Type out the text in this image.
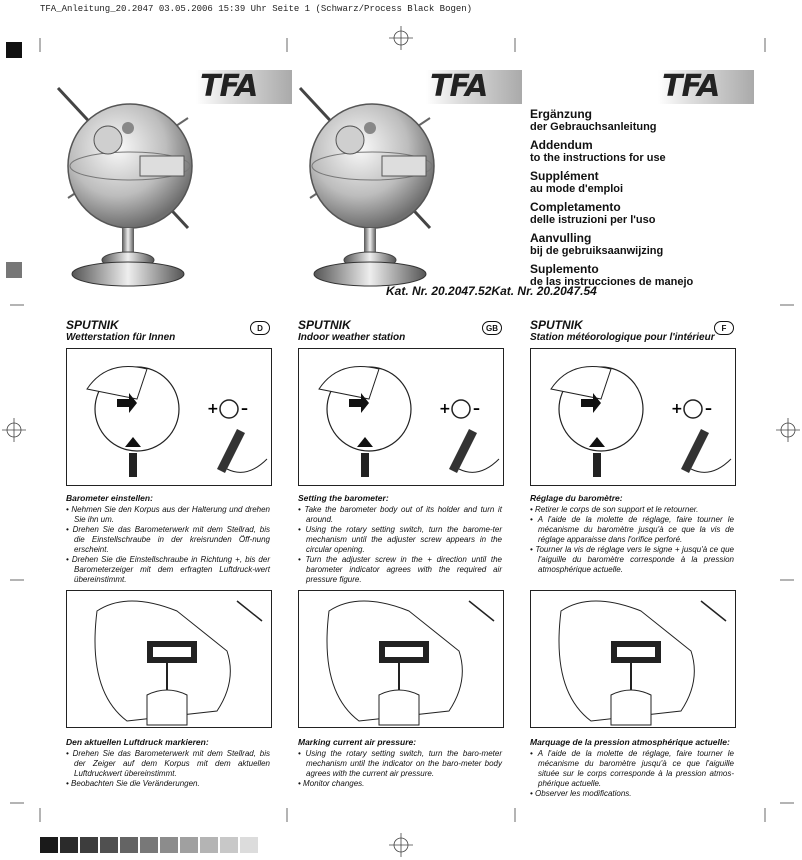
TFA_Anleitung_20.2047 03.05.2006 15:39 Uhr Seite 1 (Schwarz/Process Black Bogen)
TFA	TFA	TFA
Ergänzung
der Gebrauchsanleitung
Addendum
to the instructions for use
Supplément
au mode d'emploi
Completamento
delle istruzioni per l'uso
Aanvulling
bij de gebruiksaanwijzing
Suplemento
de las instrucciones de manejo
Kat. Nr. 20.2047.52Kat. Nr. 20.2047.54
SPUTNIK
Wetterstation für Innen
D	SPUTNIK
Indoor weather station
GB	SPUTNIK
Station météorologique pour l'intérieur
F
+ –	+ –	+ –
Barometer einstellen:
• Nehmen Sie den Korpus aus der Halterung und drehen Sie ihn um.
• Drehen Sie das Barometerwerk mit dem Stellrad, bis die Einstellschraube in der kreisrunden Öff-nung erscheint.
• Drehen Sie die Einstellschraube in Richtung +, bis der Barometerzeiger mit dem erfragten Luftdruck-wert übereinstimmt.
Setting the barometer:
• Take the barometer body out of its holder and turn it around.
• Using the rotary setting switch, turn the barome-ter mechanism until the adjuster screw appears in the circular opening.
• Turn the adjuster screw in the + direction until the barometer indicator agrees with the required air pressure figure.
Réglage du baromètre:
• Retirer le corps de son support et le retourner.
• A l'aide de la molette de réglage, faire tourner le mécanisme du baromètre jusqu'à ce que la vis de réglage apparaisse dans l'orifice perforé.
• Tourner la vis de réglage vers le signe + jusqu'à ce que l'aiguille du baromètre corresponde à la pression atmosphérique actuelle.
Den aktuellen Luftdruck markieren:
• Drehen Sie das Barometerwerk mit dem Stellrad, bis der Zeiger auf dem Korpus mit dem aktuellen Luftdruckwert übereinstimmt.
• Beobachten Sie die Veränderungen.
Marking current air pressure:
• Using the rotary setting switch, turn the baro-meter mechanism until the indicator on the baro-meter body agrees with the current air pressure.
• Monitor changes.
Marquage de la pression atmosphérique actuelle:
• A l'aide de la molette de réglage, faire tourner le mécanisme du baromètre jusqu'à ce que l'aiguille située sur le corps corresponde à la pression atmos-phérique actuelle.
• Observer les modifications.
